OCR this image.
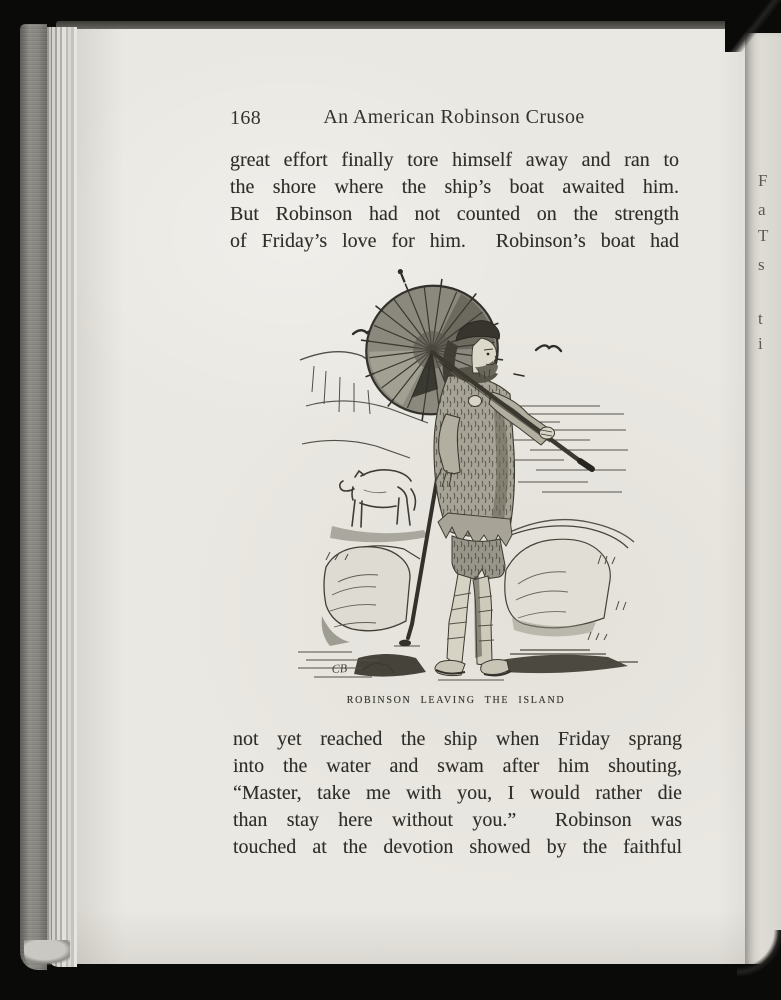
F
a
T
s
t
i
168	An American Robinson Crusoe
great effort finally tore himself away and ran to
the shore where the ship’s boat awaited him.
But Robinson had not counted on the strength
of Friday’s love for him.  Robinson’s boat had
CB
ROBINSON LEAVING THE ISLAND
not yet reached the ship when Friday sprang
into the water and swam after him shouting,
“Master, take me with you, I would rather die
than stay here without you.”  Robinson was
touched at the devotion showed by the faithful
